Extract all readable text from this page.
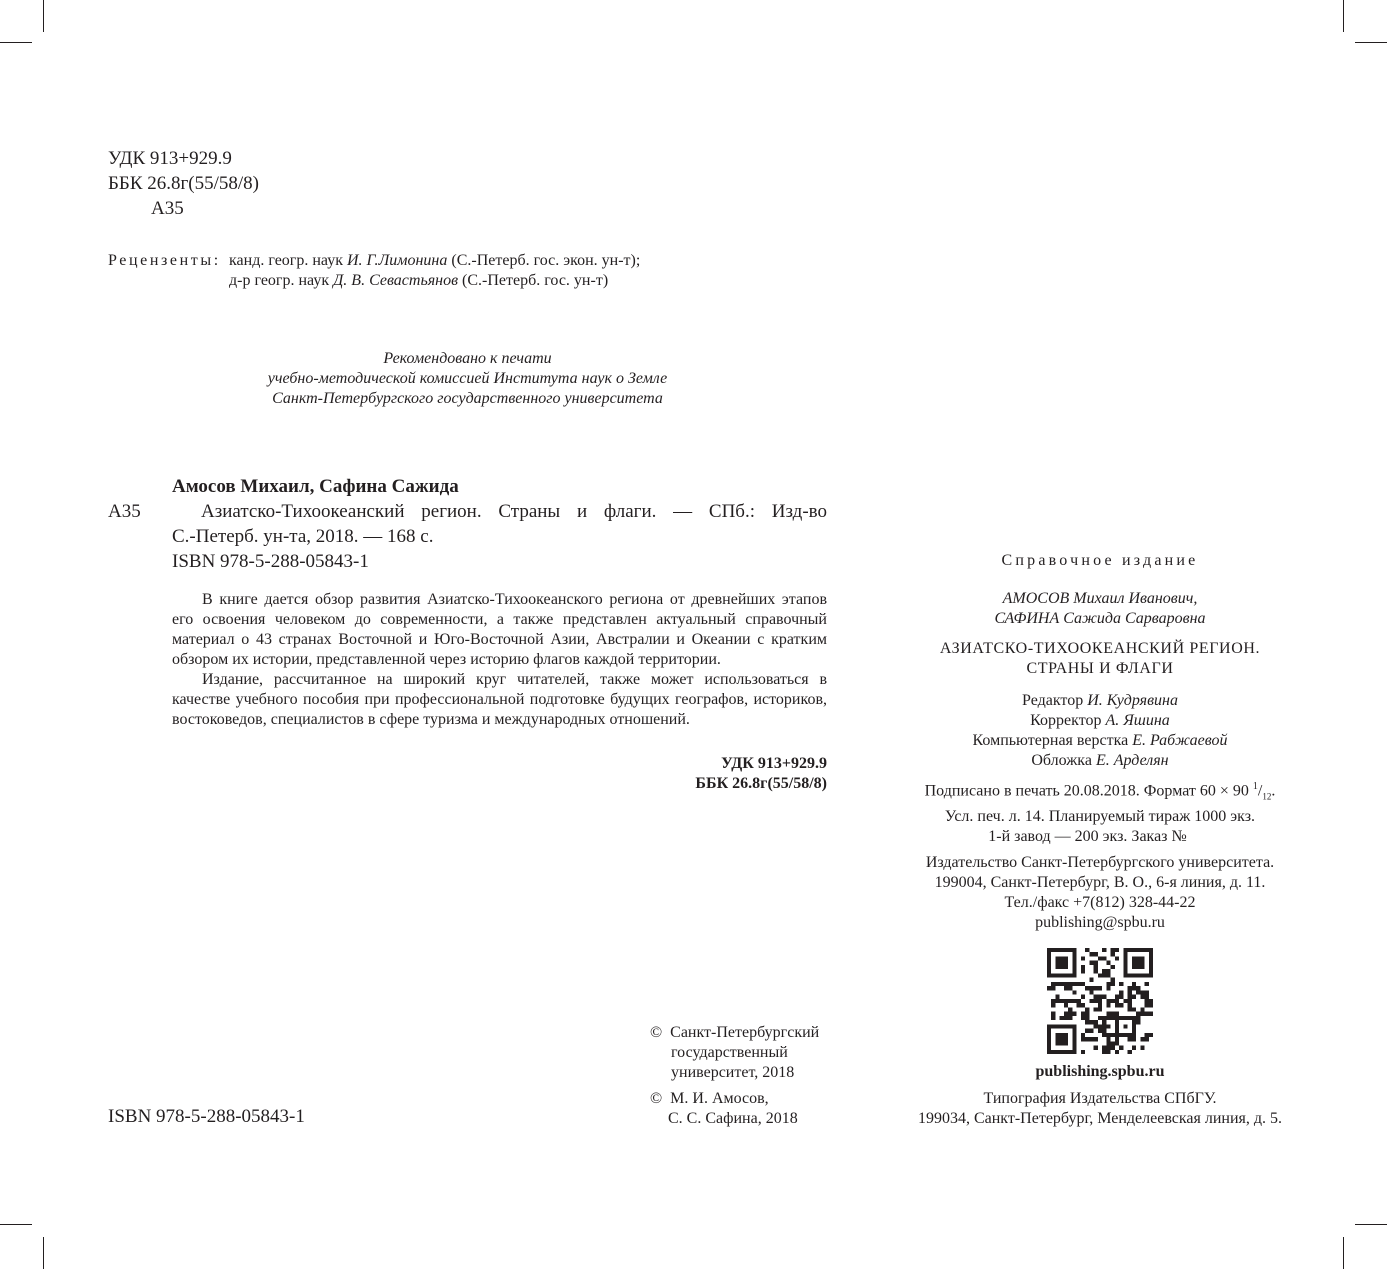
УДК 913+929.9
ББК 26.8г(55/58/8)
А35
Рецензенты: канд. геогр. наук И. Г.Лимонина (С.-Петерб. гос. экон. ун-т);
д-р геогр. наук Д. В. Севастьянов (С.-Петерб. гос. ун-т)
Рекомендовано к печати
учебно-методической комиссией Института наук о Земле
Санкт-Петербургского государственного университета
Амосов Михаил, Сафина Сажида
А35	Азиатско-Тихоокеанский регион. Страны и флаги. — СПб.: Изд-во
С.-Петерб. ун-та, 2018. — 168 с.
ISBN 978-5-288-05843-1

В книге дается обзор развития Азиатско-Тихоокеанского региона от древнейших этапов его освоения человеком до современности, а также представлен актуальный справочный материал о 43 странах Восточной и Юго-Восточной Азии, Австралии и Океании с кратким обзором их истории, представленной через историю флагов каждой территории.

Издание, рассчитанное на широкий круг читателей, также может использоваться в качестве учебного пособия при профессиональной подготовке будущих географов, историков, востоковедов, специалистов в сфере туризма и международных отношений.

УДК 913+929.9
ББК 26.8г(55/58/8)
©  Санкт-Петербургский
государственный
университет, 2018
©  М. И. Амосов,
С. С. Сафина, 2018
ISBN 978-5-288-05843-1
Справочное издание
АМОСОВ Михаил Иванович,
САФИНА Сажида Сарваровна
АЗИАТСКО-ТИХООКЕАНСКИЙ РЕГИОН.
СТРАНЫ И ФЛАГИ
Редактор И. Кудрявина
Корректор А. Яшина
Компьютерная верстка Е. Рабжаевой
Обложка Е. Арделян
Подписано в печать 20.08.2018. Формат 60 × 90 $^1/_{12}$.
Усл. печ. л. 14. Планируемый тираж 1000 экз.
1-й завод — 200 экз. Заказ №
Издательство Санкт-Петербургского университета.
199004, Санкт-Петербург, В. О., 6-я линия, д. 11.
Тел./факс +7(812) 328-44-22
publishing@spbu.ru
publishing.spbu.ru
Типография Издательства СПбГУ.
199034, Санкт-Петербург, Менделеевская линия, д. 5.
